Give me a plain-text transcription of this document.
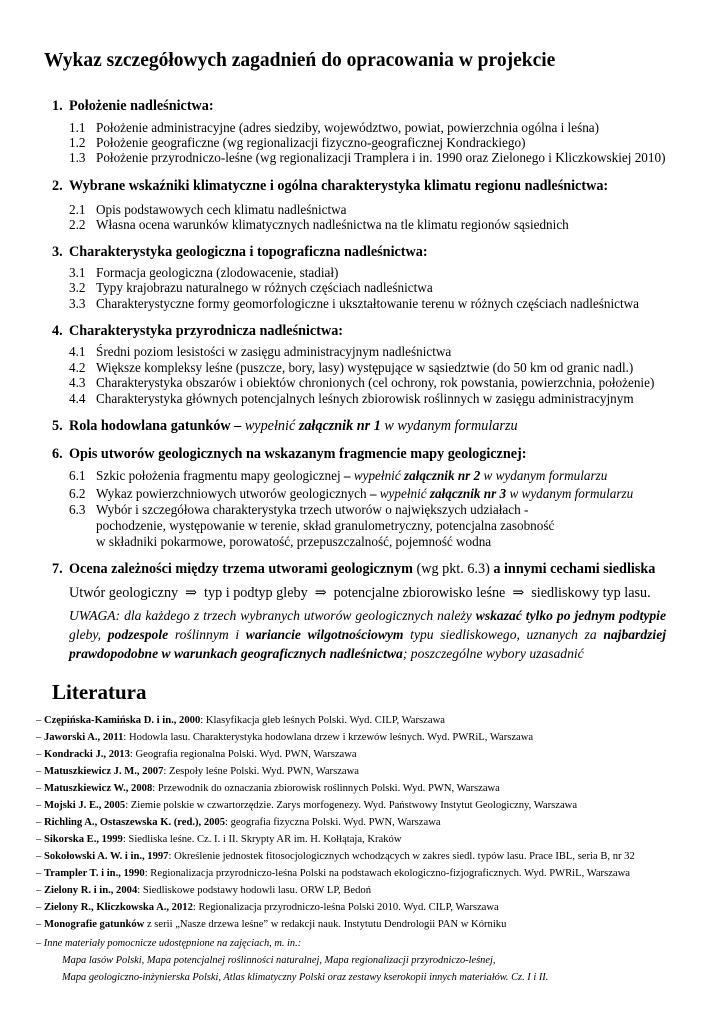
Wykaz szczegółowych zagadnień do opracowania w projekcie
1. Położenie nadleśnictwa:
1.1 Położenie administracyjne (adres siedziby, województwo, powiat, powierzchnia ogólna i leśna)
1.2 Położenie geograficzne (wg regionalizacji fizyczno-geograficznej Kondrackiego)
1.3 Położenie przyrodniczo-leśne (wg regionalizacji Tramplera i in. 1990 oraz Zielonego i Kliczkowskiej 2010)
2. Wybrane wskaźniki klimatyczne i ogólna charakterystyka klimatu regionu nadleśnictwa:
2.1 Opis podstawowych cech klimatu nadleśnictwa
2.2 Własna ocena warunków klimatycznych nadleśnictwa na tle klimatu regionów sąsiednich
3. Charakterystyka geologiczna i topograficzna nadleśnictwa:
3.1 Formacja geologiczna (zlodowacenie, stadiał)
3.2 Typy krajobrazu naturalnego w różnych częściach nadleśnictwa
3.3 Charakterystyczne formy geomorfologiczne i ukształtowanie terenu w różnych częściach nadleśnictwa
4. Charakterystyka przyrodnicza nadleśnictwa:
4.1 Średni poziom lesistości w zasięgu administracyjnym nadleśnictwa
4.2 Większe kompleksy leśne (puszcze, bory, lasy) występujące w sąsiedztwie (do 50 km od granic nadl.)
4.3 Charakterystyka obszarów i obiektów chronionych (cel ochrony, rok powstania, powierzchnia, położenie)
4.4 Charakterystyka głównych potencjalnych leśnych zbiorowisk roślinnych w zasięgu administracyjnym
5. Rola hodowlana gatunków – wypełnić załącznik nr 1 w wydanym formularzu
6. Opis utworów geologicznych na wskazanym fragmencie mapy geologicznej:
6.1 Szkic położenia fragmentu mapy geologicznej – wypełnić załącznik nr 2 w wydanym formularzu
6.2 Wykaz powierzchniowych utworów geologicznych – wypełnić załącznik nr 3 w wydanym formularzu
6.3 Wybór i szczegółowa charakterystyka trzech utworów o największych udziałach -
pochodzenie, występowanie w terenie, skład granulometryczny, potencjalna zasobność
w składniki pokarmowe, porowatość, przepuszczalność, pojemność wodna
7. Ocena zależności między trzema utworami geologicznym (wg pkt. 6.3) a innymi cechami siedliska
Utwór geologiczny ⇒ typ i podtyp gleby ⇒ potencjalne zbiorowisko leśne ⇒ siedliskowy typ lasu.
UWAGA: dla każdego z trzech wybranych utworów geologicznych należy wskazać tylko po jednym podtypie gleby, podzespole roślinnym i wariancie wilgotnościowym typu siedliskowego, uznanych za najbardziej prawdopodobne w warunkach geograficznych nadleśnictwa; poszczególne wybory uzasadnić
Literatura
– Czępińska-Kamińska D. i in., 2000: Klasyfikacja gleb leśnych Polski. Wyd. CILP, Warszawa
– Jaworski A., 2011: Hodowla lasu. Charakterystyka hodowlana drzew i krzewów leśnych. Wyd. PWRiL, Warszawa
– Kondracki J., 2013: Geografia regionalna Polski. Wyd. PWN, Warszawa
– Matuszkiewicz J. M., 2007: Zespoły leśne Polski. Wyd. PWN, Warszawa
– Matuszkiewicz W., 2008: Przewodnik do oznaczania zbiorowisk roślinnych Polski. Wyd. PWN, Warszawa
– Mojski J. E., 2005: Ziemie polskie w czwartorzędzie. Zarys morfogenezy. Wyd. Państwowy Instytut Geologiczny, Warszawa
– Richling A., Ostaszewska K. (red.), 2005: geografia fizyczna Polski. Wyd. PWN, Warszawa
– Sikorska E., 1999: Siedliska leśne. Cz. I. i II. Skrypty AR im. H. Kołłątaja, Kraków
– Sokołowski A. W. i in., 1997: Określenie jednostek fitosocjologicznych wchodzących w zakres siedl. typów lasu. Prace IBL, seria B, nr 32
– Trampler T. i in., 1990: Regionalizacja przyrodniczo-leśna Polski na podstawach ekologiczno-fizjograficznych. Wyd. PWRiL, Warszawa
– Zielony R. i in., 2004: Siedliskowe podstawy hodowli lasu. ORW LP, Bedoń
– Zielony R., Kliczkowska A., 2012: Regionalizacja przyrodniczo-leśna Polski 2010. Wyd. CILP, Warszawa
– Monografie gatunków z serii „Nasze drzewa leśne” w redakcji nauk. Instytutu Dendrologii PAN w Kórniku
– Inne materiały pomocnicze udostępnione na zajęciach, m. in.:
Mapa lasów Polski, Mapa potencjalnej roślinności naturalnej, Mapa regionalizacji przyrodniczo-leśnej,
Mapa geologiczno-inżynierska Polski, Atlas klimatyczny Polski oraz zestawy kserokopii innych materiałów. Cz. I i II.
